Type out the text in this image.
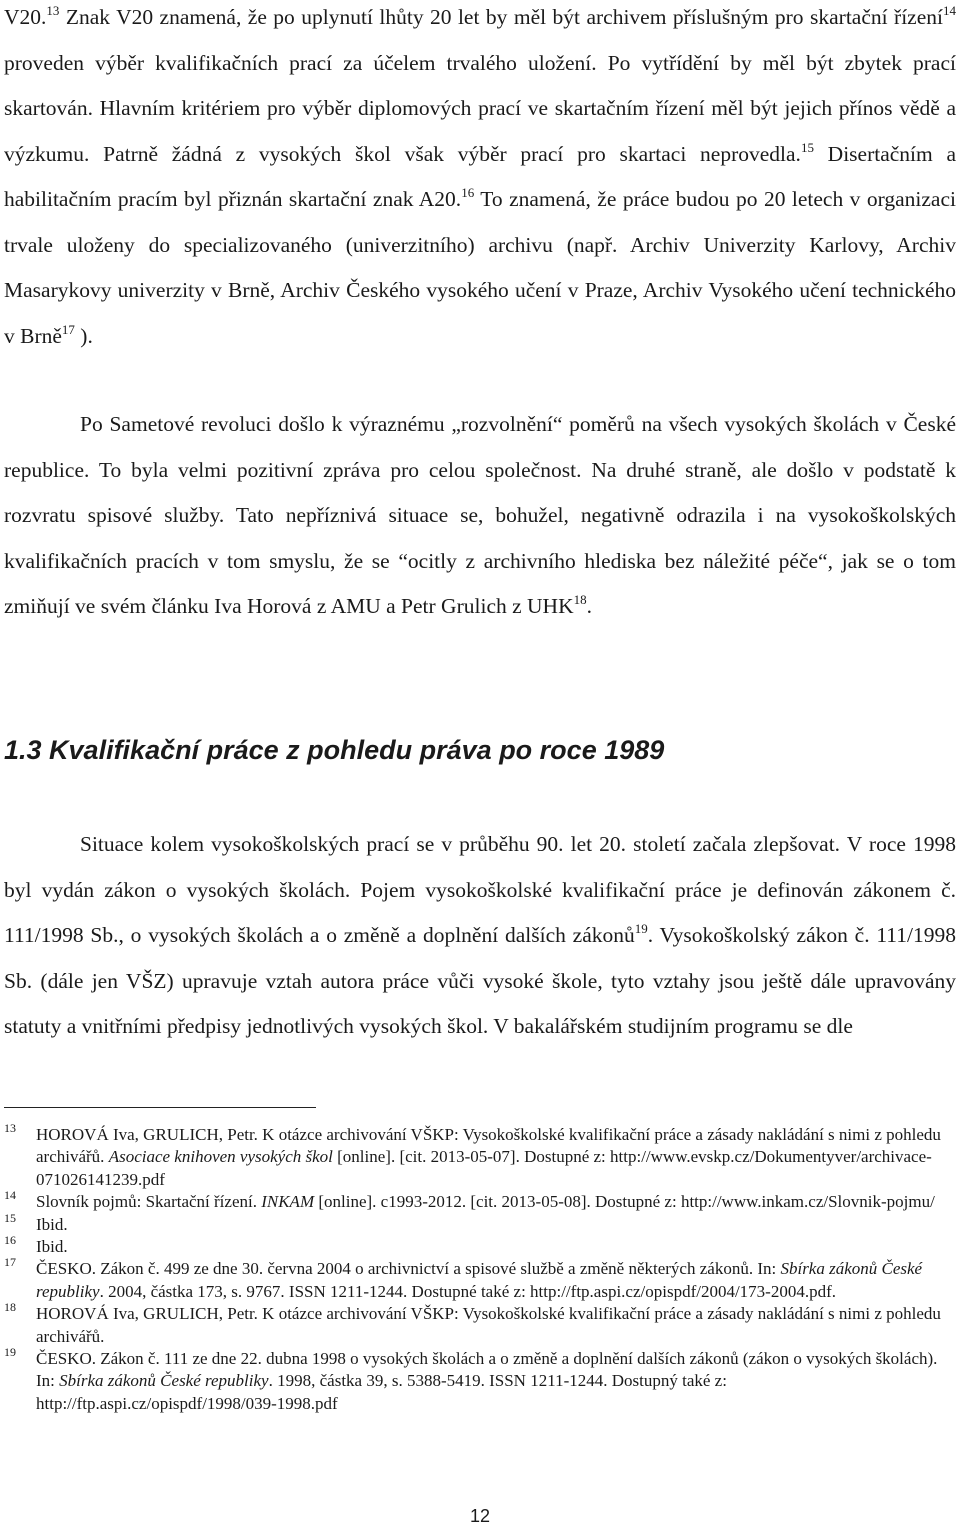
V20.13 Znak V20 znamená, že po uplynutí lhůty 20 let by měl být archivem příslušným pro skartační řízení$^{14}$ proveden výběr kvalifikačních prací za účelem trvalého uložení. Po vytřídění by měl být zbytek prací skartován. Hlavním kritériem pro výběr diplomových prací ve skartačním řízení měl být jejich přínos vědě a výzkumu. Patrně žádná z vysokých škol však výběr prací pro skartaci neprovedla.$^{15}$ Disertačním a habilitačním pracím byl přiznán skartační znak A20.16 To znamená, že práce budou po 20 letech v organizaci trvale uloženy do specializovaného (univerzitního) archivu (např. Archiv Univerzity Karlovy, Archiv Masarykovy univerzity v Brně, Archiv Českého vysokého učení v Praze, Archiv Vysokého učení technického v Brně$^{17}$ ).

Po Sametové revoluci došlo k výraznému „rozvolnění“ poměrů na všech vysokých školách v České republice. To byla velmi pozitivní zpráva pro celou společnost. Na druhé straně, ale došlo v podstatě k rozvratu spisové služby. Tato nepříznivá situace se, bohužel, negativně odrazila i na vysokoškolských kvalifikačních pracích v tom smyslu, že se “ocitly z archivního hlediska bez náležité péče“, jak se o tom zmiňují ve svém článku Iva Horová z AMU a Petr Grulich z UHK$^{18}$.

1.3 Kvalifikační práce z pohledu práva po roce 1989

Situace kolem vysokoškolských prací se v průběhu 90. let 20. století začala zlepšovat. V roce 1998 byl vydán zákon o vysokých školách. Pojem vysokoškolské kvalifikační práce je definován zákonem č. 111/1998 Sb., o vysokých školách a o změně a doplnění dalších zákonů$^{19}$. Vysokoškolský zákon č. 111/1998 Sb. (dále jen VŠZ) upravuje vztah autora práce vůči vysoké škole, tyto vztahy jsou ještě dále upravovány statuty a vnitřními předpisy jednotlivých vysokých škol. V bakalářském studijním programu se dle

13 HOROVÁ Iva, GRULICH, Petr. K otázce archivování VŠKP: Vysokoškolské kvalifikační práce a zásady nakládání s nimi z pohledu archivářů. Asociace knihoven vysokých škol [online]. [cit. 2013-05-07]. Dostupné z: http://www.evskp.cz/Dokumentyver/archivace-071026141239.pdf

14 Slovník pojmů: Skartační řízení. INKAM [online]. c1993-2012. [cit. 2013-05-08]. Dostupné z: http://www.inkam.cz/Slovnik-pojmu/

15 Ibid.

16 Ibid.

17 ČESKO. Zákon č. 499 ze dne 30. června 2004 o archivnictví a spisové službě a změně některých zákonů. In: Sbírka zákonů České republiky. 2004, částka 173, s. 9767. ISSN 1211-1244. Dostupné také z: http://ftp.aspi.cz/opispdf/2004/173-2004.pdf.

18 HOROVÁ Iva, GRULICH, Petr. K otázce archivování VŠKP: Vysokoškolské kvalifikační práce a zásady nakládání s nimi z pohledu archivářů.

19 ČESKO. Zákon č. 111 ze dne 22. dubna 1998 o vysokých školách a o změně a doplnění dalších zákonů (zákon o vysokých školách). In: Sbírka zákonů České republiky. 1998, částka 39, s. 5388-5419. ISSN 1211-1244. Dostupný také z: http://ftp.aspi.cz/opispdf/1998/039-1998.pdf

12
